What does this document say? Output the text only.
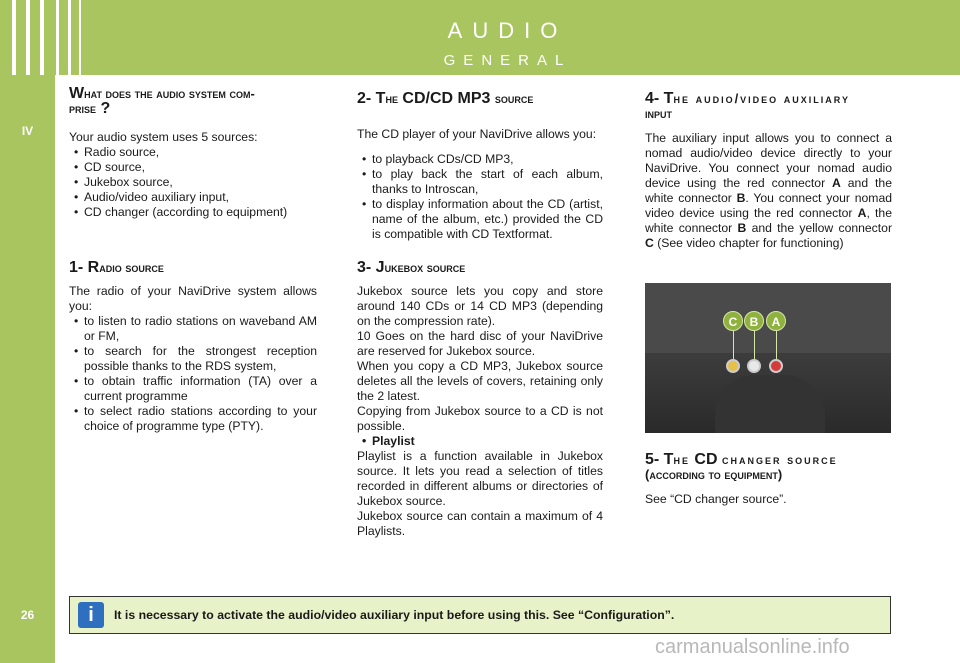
IV
26
AUDIO
GENERAL
What does the audio system com-
prise ?

Your audio system uses 5 sources:

• Radio source,
• CD source,
• Jukebox source,
• Audio/video auxiliary input,
• CD changer (according to equipment)
1- Radio source

The radio of your NaviDrive system allows you:

• to listen to radio stations on waveband AM or FM,
• to search for the strongest reception possible thanks to the RDS system,
• to obtain traffic information (TA) over a current programme
• to select radio stations according to your choice of programme type (PTY).
2- The CD/CD MP3 source

The CD player of your NaviDrive allows you:

• to playback CDs/CD MP3,
• to play back the start of each album, thanks to Introscan,
• to display information about the CD (artist, name of the album, etc.) provided the CD is compatible with CD Textformat.
3- Jukebox source

Jukebox source lets you copy and store around 140 CDs or 14 CD MP3 (depending on the compression rate).

10 Goes on the hard disc of your NaviDrive are reserved for Jukebox source.

When you copy a CD MP3, Jukebox source deletes all the levels of covers, retaining only the 2 latest.

Copying from Jukebox source to a CD is not possible.

• Playlist

Playlist is a function available in Jukebox source. It lets you read a selection of titles recorded in different albums or directories of Jukebox source.

Jukebox source can contain a maximum of 4 Playlists.

4- The audio/video auxiliary
input

The auxiliary input allows you to connect a nomad audio/video device directly to your NaviDrive. You connect your nomad audio device using the red connector A and the white connector B. You connect your nomad video device using the red connector A, the white connector B and the yellow connector C (See video chapter for functioning)

C	B	A
5- The CD changer source
(according to equipment)

See “CD changer source”.

i	It is necessary to activate the audio/video auxiliary input before using this. See “Configuration”.
carmanualsonline.info
